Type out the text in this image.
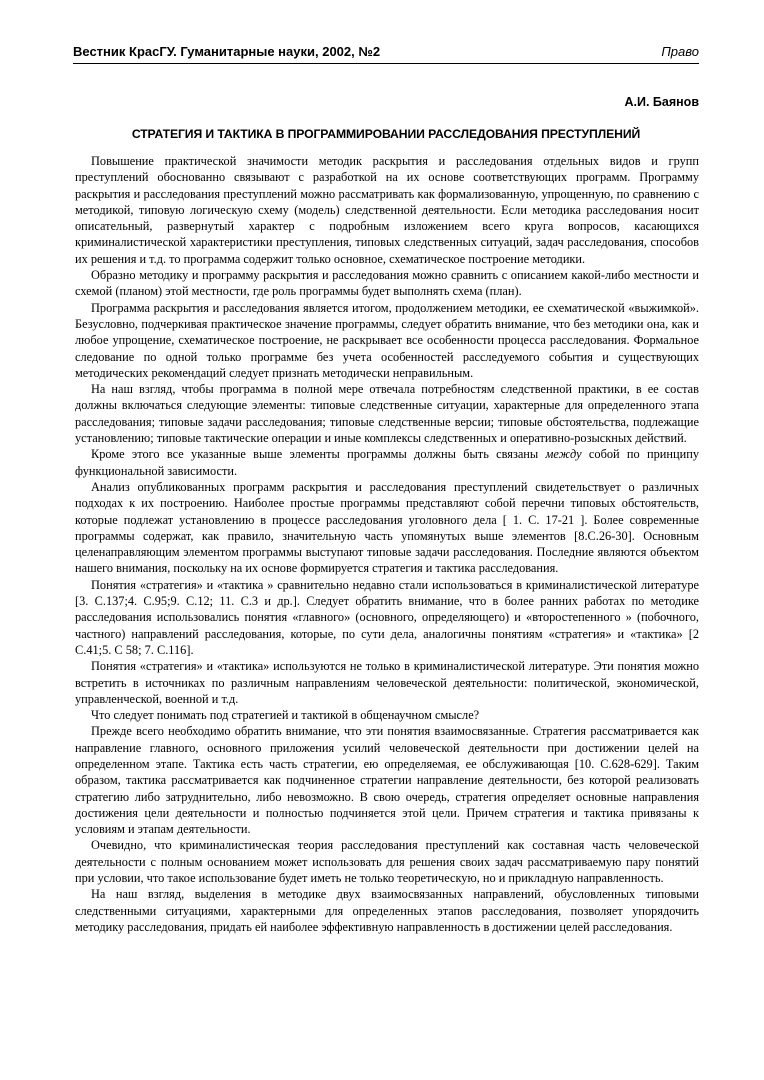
Вестник КрасГУ. Гуманитарные науки, 2002, №2	Право
А.И. Баянов
СТРАТЕГИЯ И ТАКТИКА В ПРОГРАММИРОВАНИИ РАССЛЕДОВАНИЯ ПРЕСТУПЛЕНИЙ

Повышение практической значимости методик раскрытия и расследования отдельных видов и групп преступлений обоснованно связывают с разработкой на их основе соответствующих программ. Программу раскрытия и расследования преступлений можно рассматривать как формализованную, упрощенную, по сравнению с методикой, типовую логическую схему (модель) следственной деятельности. Если методика расследования носит описательный, развернутый характер с подробным изложением всего круга вопросов, касающихся криминалистической характеристики преступления, типовых следственных ситуаций, задач расследования, способов их решения и т.д. то программа содержит только основное, схематическое построение методики.

Образно методику и программу раскрытия и расследования можно сравнить с описанием какой-либо местности и схемой (планом) этой местности, где роль программы будет выполнять схема (план).

Программа раскрытия и расследования является итогом, продолжением методики, ее схематической «выжимкой». Безусловно, подчеркивая практическое значение программы, следует обратить внимание, что без методики она, как и любое упрощение, схематическое построение, не раскрывает все особенности процесса расследования. Формальное следование по одной только программе без учета особенностей расследуемого события и существующих методических рекомендаций следует признать методически неправильным.

На наш взгляд, чтобы программа в полной мере отвечала потребностям следственной практики, в ее состав должны включаться следующие элементы: типовые следственные ситуации, характерные для определенного этапа расследования; типовые задачи расследования; типовые следственные версии; типовые обстоятельства, подлежащие установлению; типовые тактические операции и иные комплексы следственных и оперативно-розыскных действий.

Кроме этого все указанные выше элементы программы должны быть связаны между собой по принципу функциональной зависимости.

Анализ опубликованных программ раскрытия и расследования преступлений свидетельствует о различных подходах к их построению. Наиболее простые программы представляют собой перечни типовых обстоятельств, которые подлежат установлению в процессе расследования уголовного дела [ 1. С. 17-21 ]. Более современные программы содержат, как правило, значительную часть упомянутых выше элементов [8.С.26-30]. Основным целенаправляющим элементом программы выступают типовые задачи расследования. Последние являются объектом нашего внимания, поскольку на их основе формируется стратегия и тактика расследования.

Понятия «стратегия» и «тактика » сравнительно недавно стали использоваться в криминалистической литературе [3. С.137;4. С.95;9. С.12; 11. С.3 и др.]. Следует обратить внимание, что в более ранних работах по методике расследования использовались понятия «главного» (основного, определяющего) и «второстепенного » (побочного, частного) направлений расследования, которые, по сути дела, аналогичны понятиям «стратегия» и «тактика» [2 С.41;5. С 58; 7. С.116].

Понятия «стратегия» и «тактика» используются не только в криминалистической литературе. Эти понятия можно встретить в источниках по различным направлениям человеческой деятельности: политической, экономической, управленческой, военной и т.д.

Что следует понимать под стратегией и тактикой в общенаучном смысле?

Прежде всего необходимо обратить внимание, что эти понятия взаимосвязанные. Стратегия рассматривается как направление главного, основного приложения усилий человеческой деятельности при достижении целей на определенном этапе. Тактика есть часть стратегии, ею определяемая, ее обслуживающая [10. С.628-629]. Таким образом, тактика рассматривается как подчиненное стратегии направление деятельности, без которой реализовать стратегию либо затруднительно, либо невозможно. В свою очередь, стратегия определяет основные направления достижения цели деятельности и полностью подчиняется этой цели. Причем стратегия и тактика привязаны к условиям и этапам деятельности.

Очевидно, что криминалистическая теория расследования преступлений как составная часть человеческой деятельности с полным основанием может использовать для решения своих задач рассматриваемую пару понятий при условии, что такое использование будет иметь не только теоретическую, но и прикладную направленность.

На наш взгляд, выделения в методике двух взаимосвязанных направлений, обусловленных типовыми следственными ситуациями, характерными для определенных этапов расследования, позволяет упорядочить методику расследования, придать ей наиболее эффективную направленность в достижении целей расследования.
